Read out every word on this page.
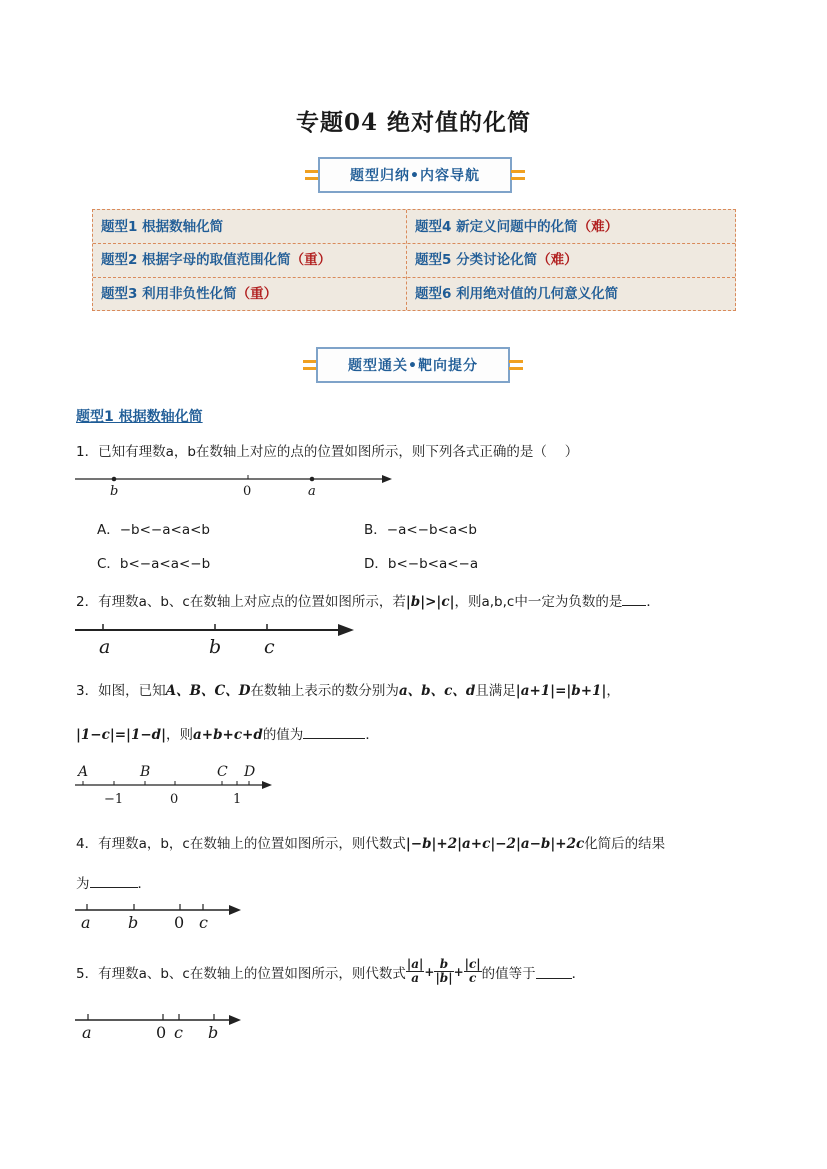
专题04 绝对值的化简
题型归纳•内容导航
题型1 根据数轴化简	题型4 新定义问题中的化简（难）
题型2 根据字母的取值范围化简（重）	题型5 分类讨论化简（难）
题型3 利用非负性化简（重）	题型6 利用绝对值的几何意义化简
题型通关•靶向提分
题型1 根据数轴化简
1．已知有理数a，b在数轴上对应的点的位置如图所示，则下列各式正确的是（　 ）
b	0	a
A．−b<−a<a<b	B．−a<−b<a<b
C．b<−a<a<−b	D．b<−b<a<−a
2．有理数a、b、c在数轴上对应点的位置如图所示，若|b|>|c|，则a,b,c中一定为负数的是 ．
a	b c
3．如图，已知A、B、C、D在数轴上表示的数分别为a、b、c、d且满足|a+1|=|b+1|，
|1−c|=|1−d|，则a+b+c+d的值为	．
A	B	C D
−1	0	1
4．有理数a，b，c在数轴上的位置如图所示，则代数式|−b|+2|a+c|−2|a−b|+2c化简后的结果
为	．
a b 0 c
5．有理数a、b、c在数轴上的位置如图所示，则代数式 $\frac{|a|}{a} + \frac{b}{|b|} + \frac{|c|}{c}$ 的值等于	．
a	0 c b
